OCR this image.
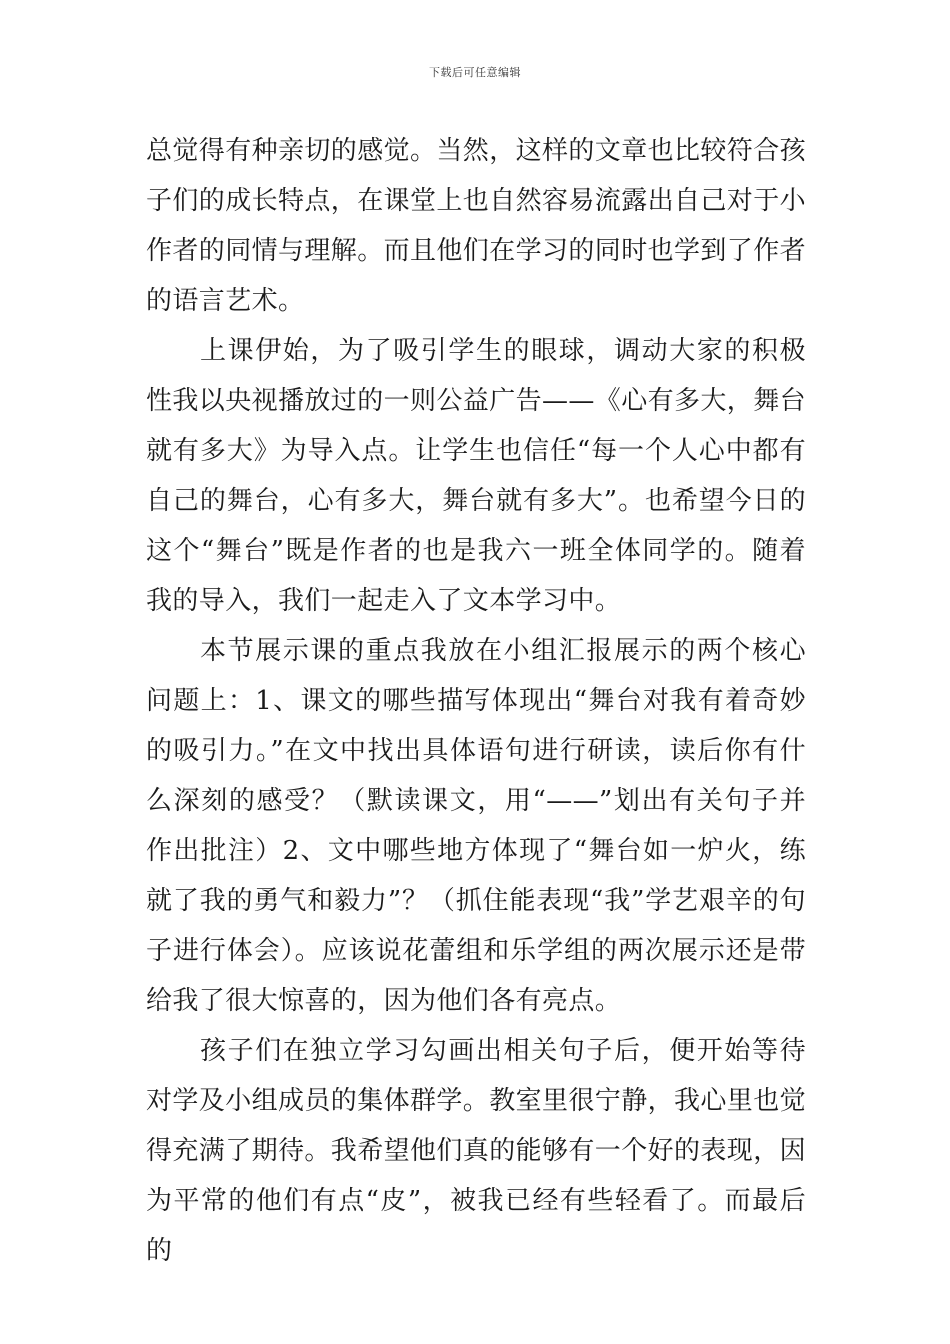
下载后可任意编辑

总觉得有种亲切的感觉。当然，这样的文章也比较符合孩子们的成长特点，在课堂上也自然容易流露出自己对于小作者的同情与理解。而且他们在学习的同时也学到了作者的语言艺术。

上课伊始，为了吸引学生的眼球，调动大家的积极性我以央视播放过的一则公益广告——《心有多大，舞台就有多大》为导入点。让学生也信任“每一个人心中都有自己的舞台，心有多大，舞台就有多大”。也希望今日的这个“舞台”既是作者的也是我六一班全体同学的。随着我的导入，我们一起走入了文本学习中。

本节展示课的重点我放在小组汇报展示的两个核心问题上：1、课文的哪些描写体现出“舞台对我有着奇妙的吸引力。”在文中找出具体语句进行研读，读后你有什么深刻的感受？（默读课文，用“——”划出有关句子并作出批注）2、文中哪些地方体现了“舞台如一炉火，练就了我的勇气和毅力”？（抓住能表现“我”学艺艰辛的句子进行体会）。应该说花蕾组和乐学组的两次展示还是带给我了很大惊喜的，因为他们各有亮点。

孩子们在独立学习勾画出相关句子后，便开始等待对学及小组成员的集体群学。教室里很宁静，我心里也觉得充满了期待。我希望他们真的能够有一个好的表现，因为平常的他们有点“皮”，被我已经有些轻看了。而最后的
